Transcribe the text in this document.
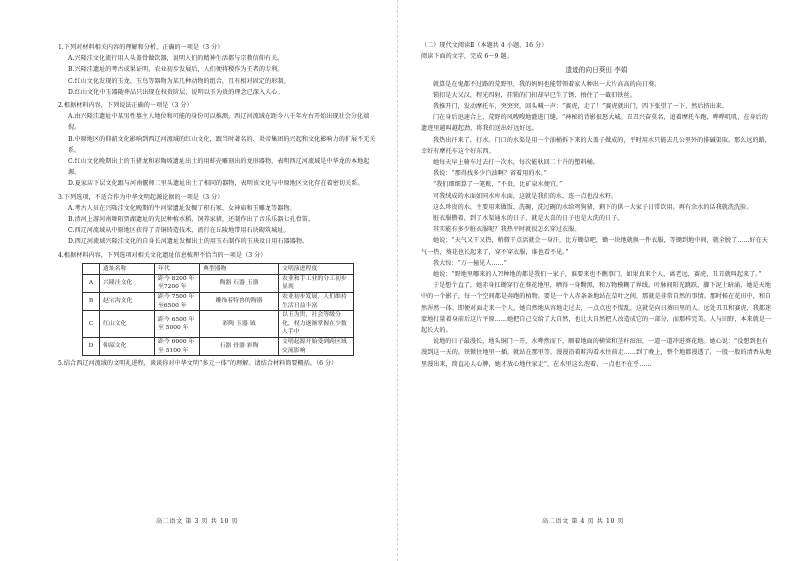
1.下列对材料相关内容的理解和分析，正确的一项是（3 分）

A.兴隆洼文化流行用人头盖骨做饮器，说明人们的精神生活都与宗教信仰有关。

B.兴隆洼遗址的考古成果证明，农业初步发展后，人们便将稷作为王者的专利。

C.红山文化发现的玉龙、玉鸟等器物为某几种动物的组合，且有相对固定的形制。

D.红山文化中玉器随葬品只出现在权贵阶层，说明以玉为贵的理念已深入人心。

2.根据材料内容，下列说法正确的一项是（3 分）

A.由兴隆洼遗址中某男性墓主人地位和可能的身份可以推测，西辽河流域在距今八千年左右开始出现社会分化端倪。

B.中原地区的仰韶文化影响到西辽河流域的红山文化，跟当时著名的、炎帝集团的兴起和文化影响力的扩展不无关系。

C.红山文化晚期出土的玉猪龙和彩陶坡遗址出土的用蚌壳雕刻出的龙形器物，表明西辽河流域是中华龙的本地起源。

D.夏家店下层文化跟与河南偃师二里头遗址出土了相同的器物，表明该文化与中原地区文化存在着密切关系。

3.下列选项，不适合作为中华文明起源论据的一项是（3 分）

A.考古人员在兴隆洼文化晚期的牛河梁遗址发掘了积石冢、女神庙和玉雕龙等器物。

B.渣河上游河南舞阳贾湖遗址的先民种植水稻、饲养家猪，还制作出了音乐乐器七孔骨笛。

C.西辽河流域从中原地区获得了青铜铸造技术，流行在丘陵地带用石块砌筑城址。

D.西辽河流域兴隆洼文化的自身长河遗址发掘出土的用玉石制作的玉玦及日用石器器物。

4.根据材料内容，下列选项对相关文化遗址信息梳理不恰当的一项是（3 分）

	遗址名称	年代	典型器物	文明演进程度
A	兴隆洼文化	距今 8200 年至7200 年	陶器 石器 玉器	农业和手工业的分工初步显现
B	赵宝沟文化	距今 7500 年至6500 年	雕饰着特兽的陶器	农业初步发展，人们维持生活日益丰富
C	红山文化	距今 6500 年至 5000 年	彩陶 玉器 钺	以玉为贵，社会等级分化，权力逐渐掌握在少数人手中
D	仰韶文化	距今 6000 年至 5100 年	石器 骨器 彩陶	文明起源开始受到跨区域交流影响

5.结合西辽河流域的文明礼进程，谈谈你对中华文明“多元一体”的理解。请结合材料简要概括。（6 分）

（二）现代文阅读Ⅱ（本题共 4 小题，16 分）

阅读下面的文字，完成 6～9 题。

遗迹的向日葵田 李娟

就算是在鬼都不过路的荒野里，我的妈妈也能带领着家人种出一大片高高的向日葵。

锁扣是大又汉，程光四射，挂锁的门扣却早已生了锈，捂住了一截旧铁丝。

我推开门，发动摩托车，突突突，回头喊一声：“赛虎，走了！”赛虎就出门，四下张望了一下，然后挤出来。

门在身后迅速合上，荒野的风嗖嗖地灌进门缝，“神秘的背影很怒大城。丑丑兴奋莫名，追着摩托车跑，哗哗叽叽，在身后的遗迹里越叫越起劲，将我们送出好远好远。

我热出汗来了，打水。门口的水渠是用一个油桶拆下来的大盖子做成的，平时用水只能去几公里外的排碱渠取。那么远的路，幸好有摩托车这个好东西。

她每天早上骑车过去打一次水，每次能驮回二十升的塑料桶。

我说：“那得找多少汽油啊？省着用的水。”

“我们细细算了一笔账，“不贵，比矿泉水便宜。”

可我绒成的水面如同水库水面，这就是我们的水，连一点也没水籽。

这么珍贵的水，主要用来做饭、洗碗，洗过碗的水给鸡狗猪，剩下的供一大家子日常饮用。再有余水的话我就洗洗脸。

脏衣服攒着，到了水渠通水的日子，就是大喜的日子也是大洗的日子。

其实能有多少脏衣服呢？我热平时就很怎么穿过衣服。

她说：“天气又干又热，稍微干点活就会一身汗，比方锄草吧，锄一块地就换一件衣服，等锄到地中间，就全脱了……好在天气一热，葵花也长起来了，穿不穿衣服，谁也看不见。”

我大惊：“万一撞见人……”

她说：“野地里哪来的人?!种地的都是我们一家子，谁要来也不瞧事门，如果真来个人，离老远，赛虎、丑丑就叫起来了。”

于是想个直了，她赤身扛锄穿行在葵花地里，晒得一身黝黑，和万物模糊了界线。叶脉间阳光跳跃，脚下泥土暗涌，她是天地中的一个影子，每一个空间都是奔跑的植物。要是一个人赤条条地站在草叶之间，那就是非常自然的事情。那时候在花田中，和自然浑然一体。即便对面走来一个人，她自然地从容地走过去，一点点也不慌乱，这就是向日葵田里的人。远处丑丑和赛虎，我都迷蒙地打量着身前后这片平原……她把自己交给了大自然，也让大自然把人改造成它的一部分，而那样完美。人与田野，本来就是一起长大的。

说地的日子最漫长，地头铜门一开，水哗然而下，顺着地面的横梁和茎秆汩汩，一道一道冲进葵花地。她心说：“没想到也有漫到这一天的，铁锨往地里一插，就站在那里等，漫漫沿着畦沟看水往前走……到了晚上，整个地都漫透了，一股一股的清香从地里漫出来，简直沁人心脾，她才放心地往家走”，在水里这么泡着，一点也不在乎……

高二语文 第 3 页 共 10 页	高二语文 第 4 页 共 10 页
